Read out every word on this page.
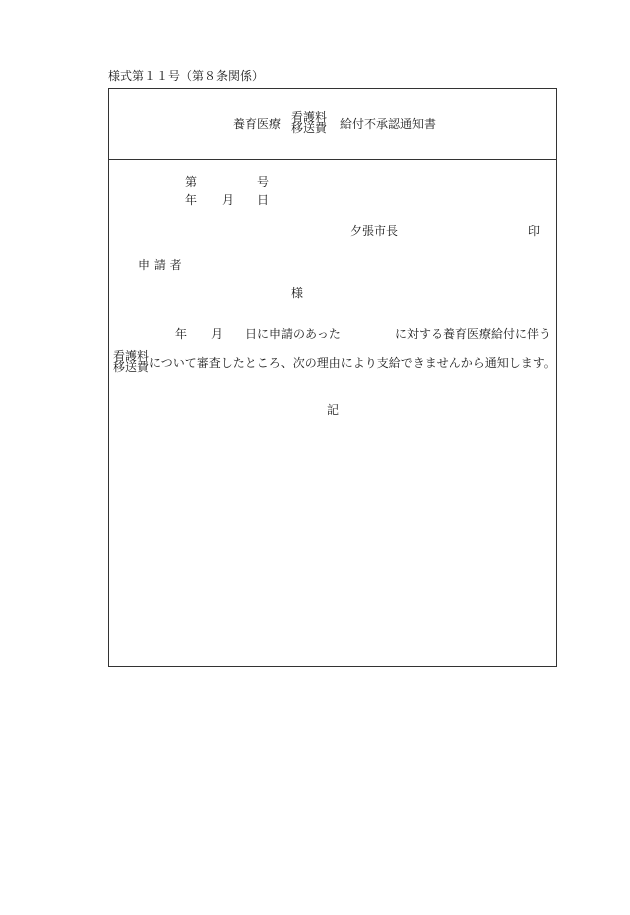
様式第１１号（第８条関係）
養育医療 看護料
移送費 給付不承認通知書
第	号
年 月 日
夕張市長	印
申 請 者
様
年 月 日に申請のあった	に対する養育医療給付に伴う
看護料
移送費 について審査したところ、次の理由により支給できませんから通知します。
記
